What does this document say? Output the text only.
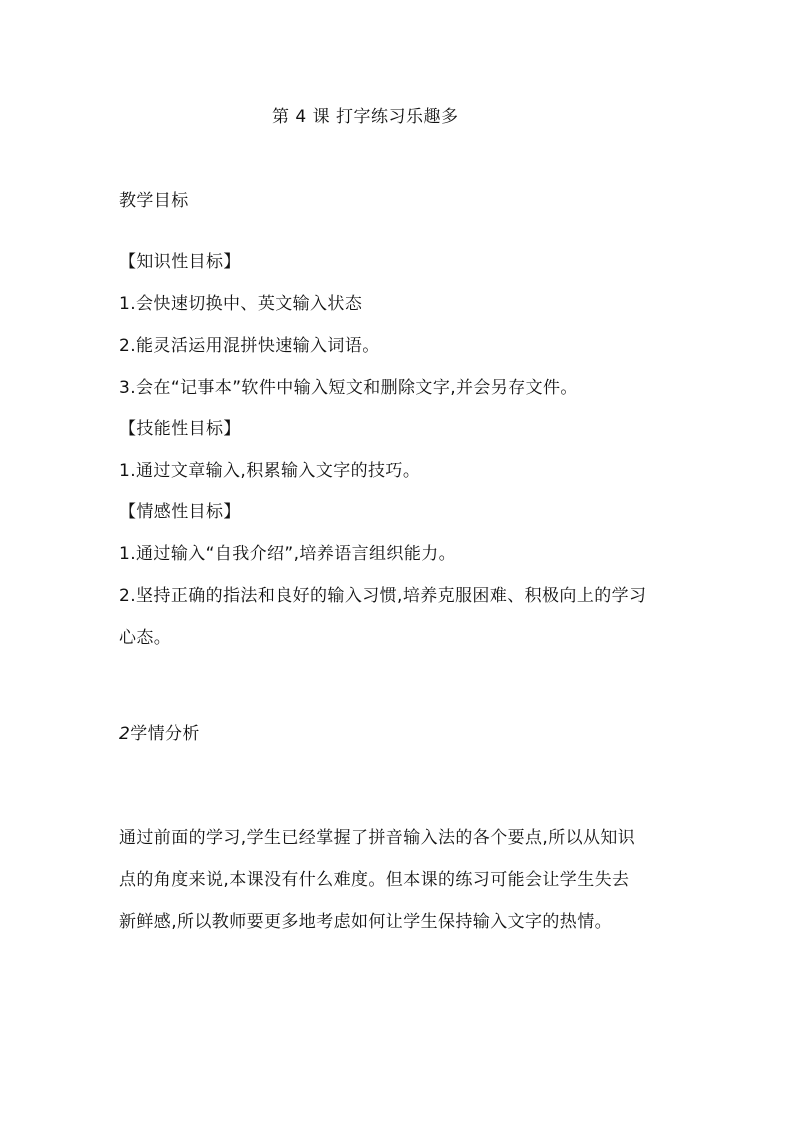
第 4 课 打字练习乐趣多
教学目标
【知识性目标】
1.会快速切换中、英文输入状态
2.能灵活运用混拼快速输入词语。
3.会在“记事本”软件中输入短文和删除文字,并会另存文件。
【技能性目标】
1.通过文章输入,积累输入文字的技巧。
【情感性目标】
1.通过输入“自我介绍”,培养语言组织能力。
2.坚持正确的指法和良好的输入习惯,培养克服困难、积极向上的学习
心态。
2学情分析
通过前面的学习,学生已经掌握了拼音输入法的各个要点,所以从知识
点的角度来说,本课没有什么难度。但本课的练习可能会让学生失去
新鲜感,所以教师要更多地考虑如何让学生保持输入文字的热情。
